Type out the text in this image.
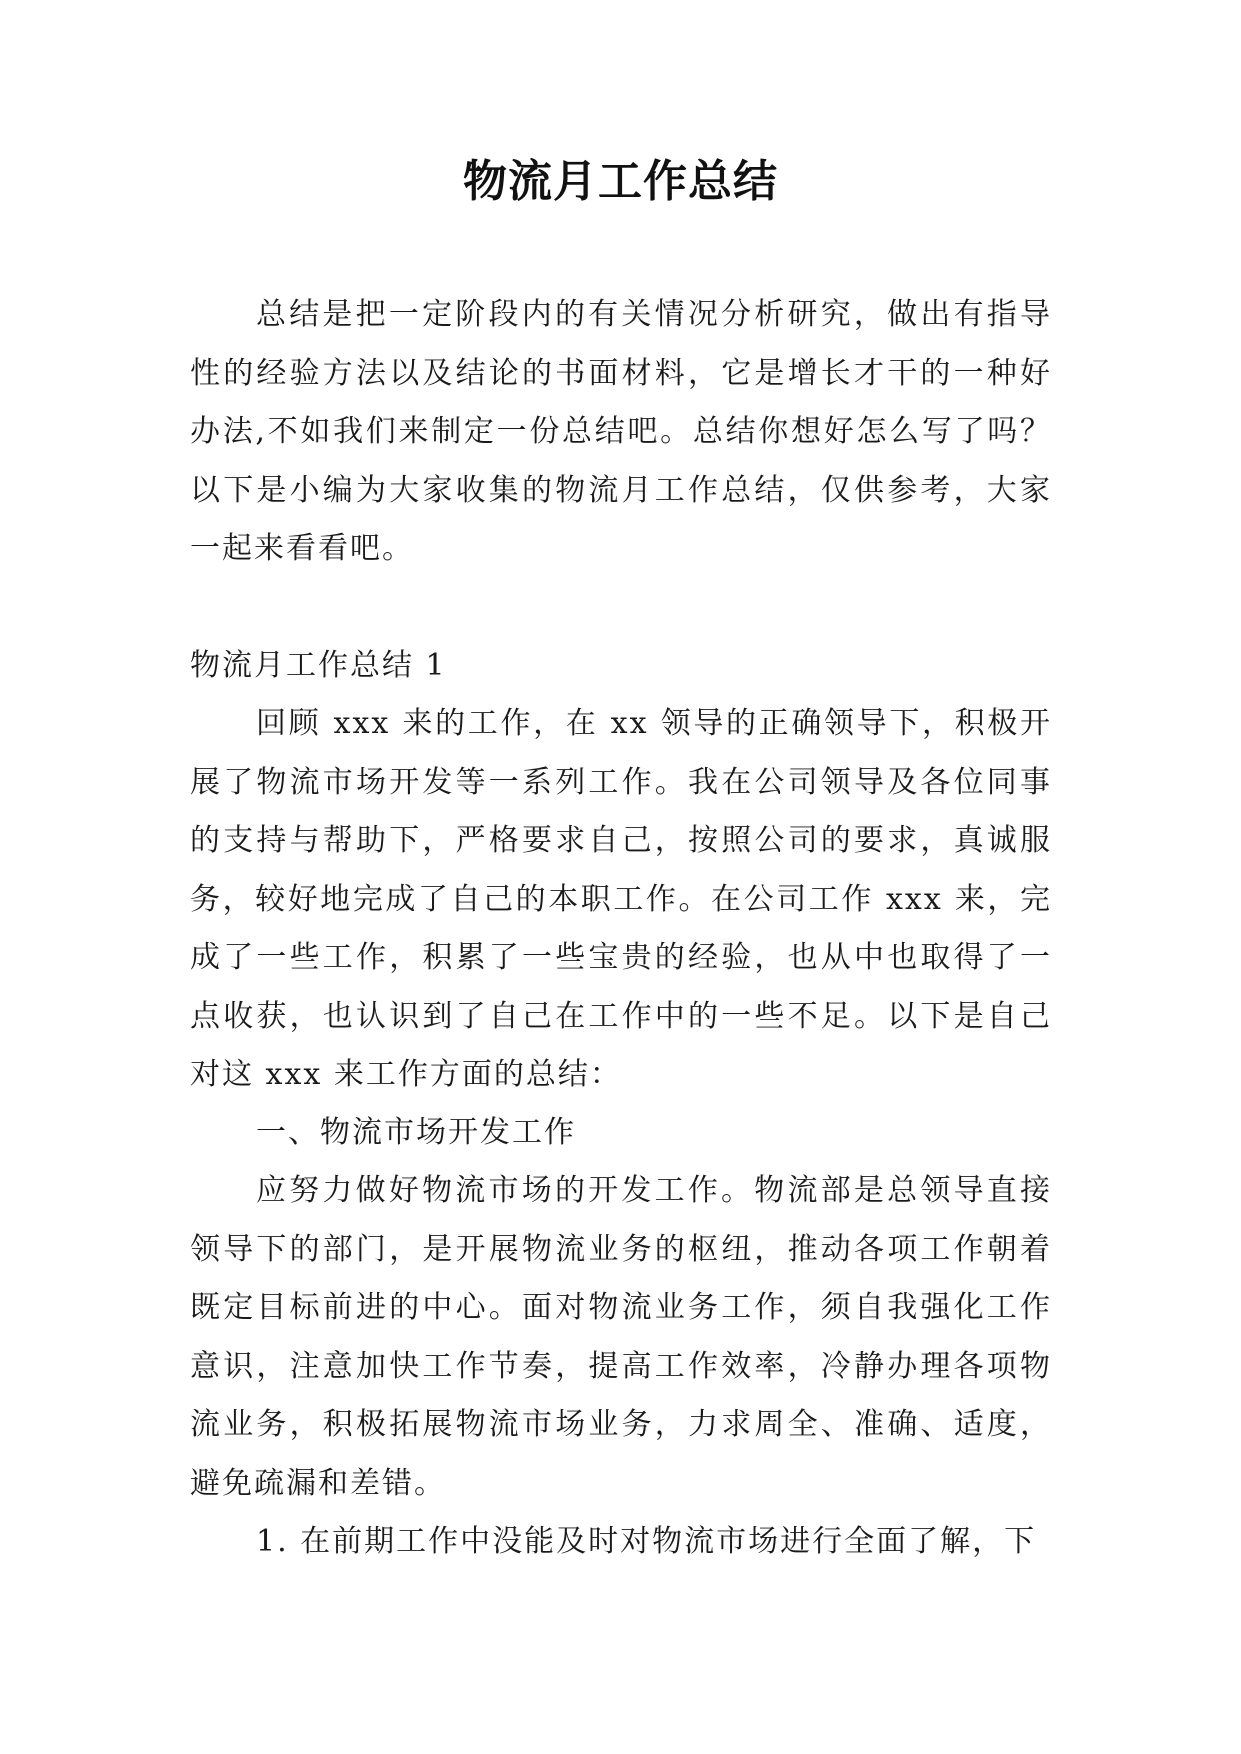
物流月工作总结

总结是把一定阶段内的有关情况分析研究，做出有指导性的经验方法以及结论的书面材料，它是增长才干的一种好办法,不如我们来制定一份总结吧。总结你想好怎么写了吗？以下是小编为大家收集的物流月工作总结，仅供参考，大家一起来看看吧。

物流月工作总结 1

回顾 xxx 来的工作，在 xx 领导的正确领导下，积极开展了物流市场开发等一系列工作。我在公司领导及各位同事的支持与帮助下，严格要求自己，按照公司的要求，真诚服务，较好地完成了自己的本职工作。在公司工作 xxx 来，完成了一些工作，积累了一些宝贵的经验，也从中也取得了一点收获，也认识到了自己在工作中的一些不足。以下是自己对这 xxx 来工作方面的总结：

一、物流市场开发工作

应努力做好物流市场的开发工作。物流部是总领导直接领导下的部门，是开展物流业务的枢纽，推动各项工作朝着既定目标前进的中心。面对物流业务工作，须自我强化工作意识，注意加快工作节奏，提高工作效率，冷静办理各项物流业务，积极拓展物流市场业务，力求周全、准确、适度，避免疏漏和差错。

1. 在前期工作中没能及时对物流市场进行全面了解，下
